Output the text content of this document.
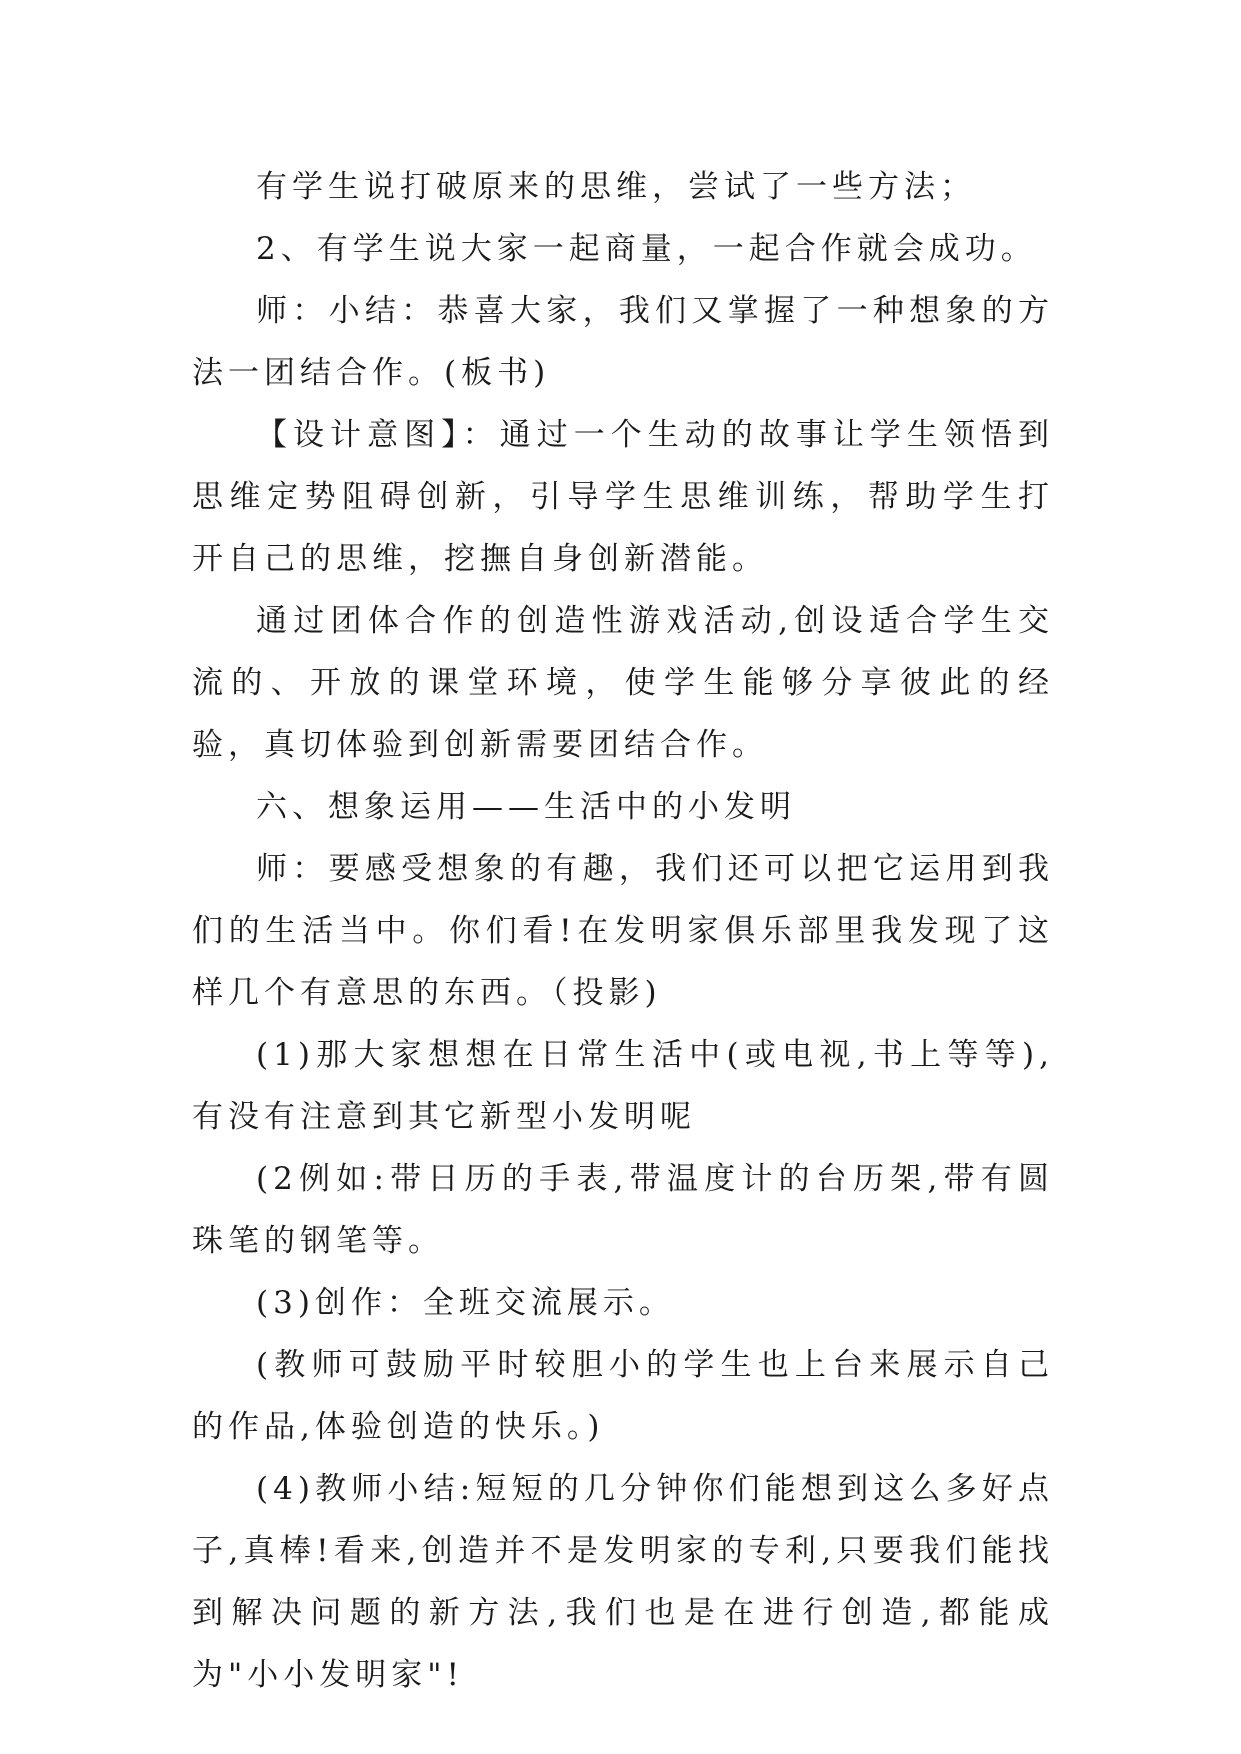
有学生说打破原来的思维，尝试了一些方法；

2、有学生说大家一起商量，一起合作就会成功。

师：小结：恭喜大家，我们又掌握了一种想象的方法一团结合作。(板书)

【设计意图】：通过一个生动的故事让学生领悟到思维定势阻碍创新，引导学生思维训练，帮助学生打开自己的思维，挖撫自身创新潜能。

通过团体合作的创造性游戏活动,创设适合学生交流的、开放的课堂环境，使学生能够分享彼此的经验，真切体验到创新需要团结合作。

六、想象运用——生活中的小发明

师：要感受想象的有趣，我们还可以把它运用到我们的生活当中。你们看!在发明家俱乐部里我发现了这样几个有意思的东西。（投影)

(1)那大家想想在日常生活中(或电视,书上等等),有没有注意到其它新型小发明呢

(2例如:带日历的手表,带温度计的台历架,带有圆珠笔的钢笔等。

(3)创作：全班交流展示。

(教师可鼓励平时较胆小的学生也上台来展示自己的作品,体验创造的快乐。)

(4)教师小结:短短的几分钟你们能想到这么多好点子,真棒!看来,创造并不是发明家的专利,只要我们能找到解决问题的新方法,我们也是在进行创造,都能成为"小小发明家"!
